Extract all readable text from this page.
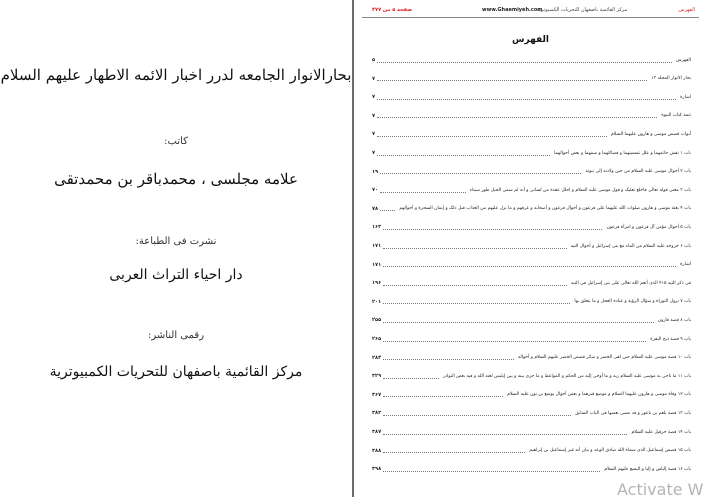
بحارالانوار الجامعه لدرر اخبار الائمه الاطهار علیهم السلام
کاتب:
علامه مجلسی ، محمدباقر بن محمدتقی
نشرت فی الطباعة:
دار احیاء التراث العربی
رقمی الناشر:
مرکز القائمیة باصفهان للتحریات الکمبیوتریة
صفحة ۵ من ۴۷۷	www.Ghaemiyeh.com
مرکز القائمیة باصفهان للتحریات الکمبیوتریة	الفهرس
الفهرس
الفهرس
۵
بحار الانوار المجلد ۱۳
۷
اشارة
۷
تتمة کتاب النبوة
۷
أبواب قصص موسی و هارون علیهما السلام
۷
باب ۱ نقش خاتمهما و علل تسمیتهما و فضائلهما و سننهما و بعض أحوالهما
۷
باب ۲ أحوال موسی علیه السلام من حین ولادته إلی نبوته
۱۹
باب ۳ معنی قوله تعالی فاخلع نعلیک و قول موسی علیه السلام و احلل عقدة من لسانی و أنه لم سمی الجبل طور سیناء
۷۰
باب ۴ بعثة موسی و هارون صلوات الله علیهما علی فرعون و أحوال فرعون و أصحابه و غرقهم و ما نزل علیهم من العذاب قبل ذلک و إیمان السحرة و أحوالهم
۷۸
باب ۵ أحوال مؤمن آل فرعون و امرأة فرعون
۱۶۳
باب ۶ خروجه علیه السلام من الماء مع بنی إسرائیل و أحوال التیه
۱۷۱
اشارة
۱۷۱
فی ذکر التیه ۴۱۵ الذی أنعم الله تعالی علی بنی إسرائیل فی التیه
۱۹۶
باب ۷ نزول التوراة و سؤال الرؤیة و عبادة العجل و ما یتعلق بها
۲۰۱
باب ۸ قصة قارون
۲۵۵
باب ۹ قصة ذبح البقرة
۲۶۵
باب ۱۰ قصة موسی علیه السلام حین لقی الخضر و سائر قصص الخضر علیهم السلام و أحواله
۲۸۴
باب ۱۱ ما ناجی به موسی علیه السلام ربه و ما أوحی إلیه من الحکم و المواعظ و ما جری بینه و بین إبلیس لعنه الله و فیه بعض النوادر
۳۲۹
باب ۱۲ وفاة موسی و هارون علیهما السلام و موضع قبرهما و بعض أحوال یوشع بن نون علیه السلام
۳۶۷
باب ۱۳ قصة بلعم بن باعور و قد مضی بعضها فی الباب السابق
۳۸۳
باب ۱۴ قصة حزقیل علیه السلام
۳۸۷
باب ۱۵ قصص إسماعیل الذی سماه الله صادق الوعد و بیان أنه غیر إسماعیل بن إبراهیم
۳۸۸
باب ۱۶ قصة إلیاس و إلیا و الیسع علیهم السلام
۳۹۸
Activate W
